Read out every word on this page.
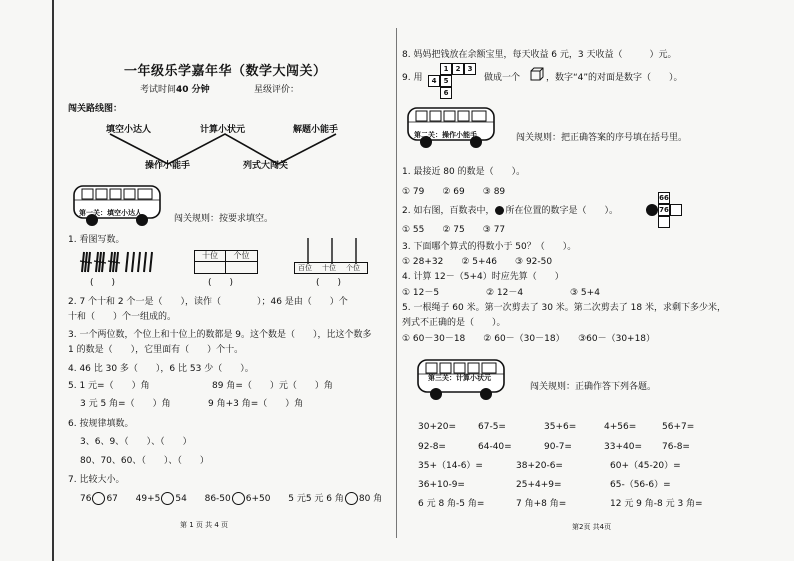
一年级乐学嘉年华（数学大闯关）
考试时间：
40 分钟	星级评价：
闯关路线图：
填空小达人
操作小能手
计算小状元
列式大闯关
解题小能手
第一关：填空小达人
闯关规则：按要求填空。
1. 看图写数。
(　　)
十位	个位
(　　)
百位 十位 个位
(　　)
2. 7 个十和 2 个一是（　　），读作（　　　　）；46 是由（　　）个
十和（　　）个一组成的。
3. 一个两位数，个位上和十位上的数都是 9。这个数是（　　），比这个数多
1 的数是（　　），它里面有（　　）个十。
4. 46 比 30 多（　　），6 比 53 少（　　）。
5. 1 元=（　　）角	89 角=（　　）元（　　）角
3 元 5 角=（　　）角	9 角+3 角=（　　）角
6. 按规律填数。
3、6、9、（　　）、（　　）
80、70、60、（　　）、（　　）
7. 比较大小。
76 67 49+5 54 86-50 6+50 5 元5 元 6 角 80 角
第 1 页 共 4 页
8. 妈妈把钱放在余额宝里，每天收益 6 元，3 天收益（　　　）元。
9. 用
1	2	3
4	5
6
做成一个	，数字“4”的对面是数字（　　）。
第二关：操作小能手	闯关规则：把正确答案的序号填在括号里。
1. 最接近 80 的数是（　　）。
① 79　　② 69　　③ 89
2. 如右图，百数表中， 所在位置的数字是（　　）。
66
76
① 55　　② 75　　③ 77
3. 下面哪个算式的得数小于 50？（　　）。
① 28+32　　② 5+46　　③ 92-50
4. 计算 12－（5+4）时应先算（　　）
① 12－5	② 12－4	③ 5+4
5. 一根绳子 60 米。第一次剪去了 30 米。第二次剪去了 18 米，求剩下多少米，
列式不正确的是（　　）。
① 60－30－18　　② 60－（30－18）　　③60－（30+18）
第三关：计算小状元
闯关规则：正确作答下列各题。
30+20= 67-5=	35+6=	4+56=	56+7=
92-8=	64-40=	90-7=	33+40= 76-8=
35+（14-6）=	38+20-6=	60+（45-20）=
36+10-9=	25+4+9=	65-（56-6）=
6 元 8 角-5 角=	7 角+8 角=	12 元 9 角-8 元 3 角=
第2页 共4页
